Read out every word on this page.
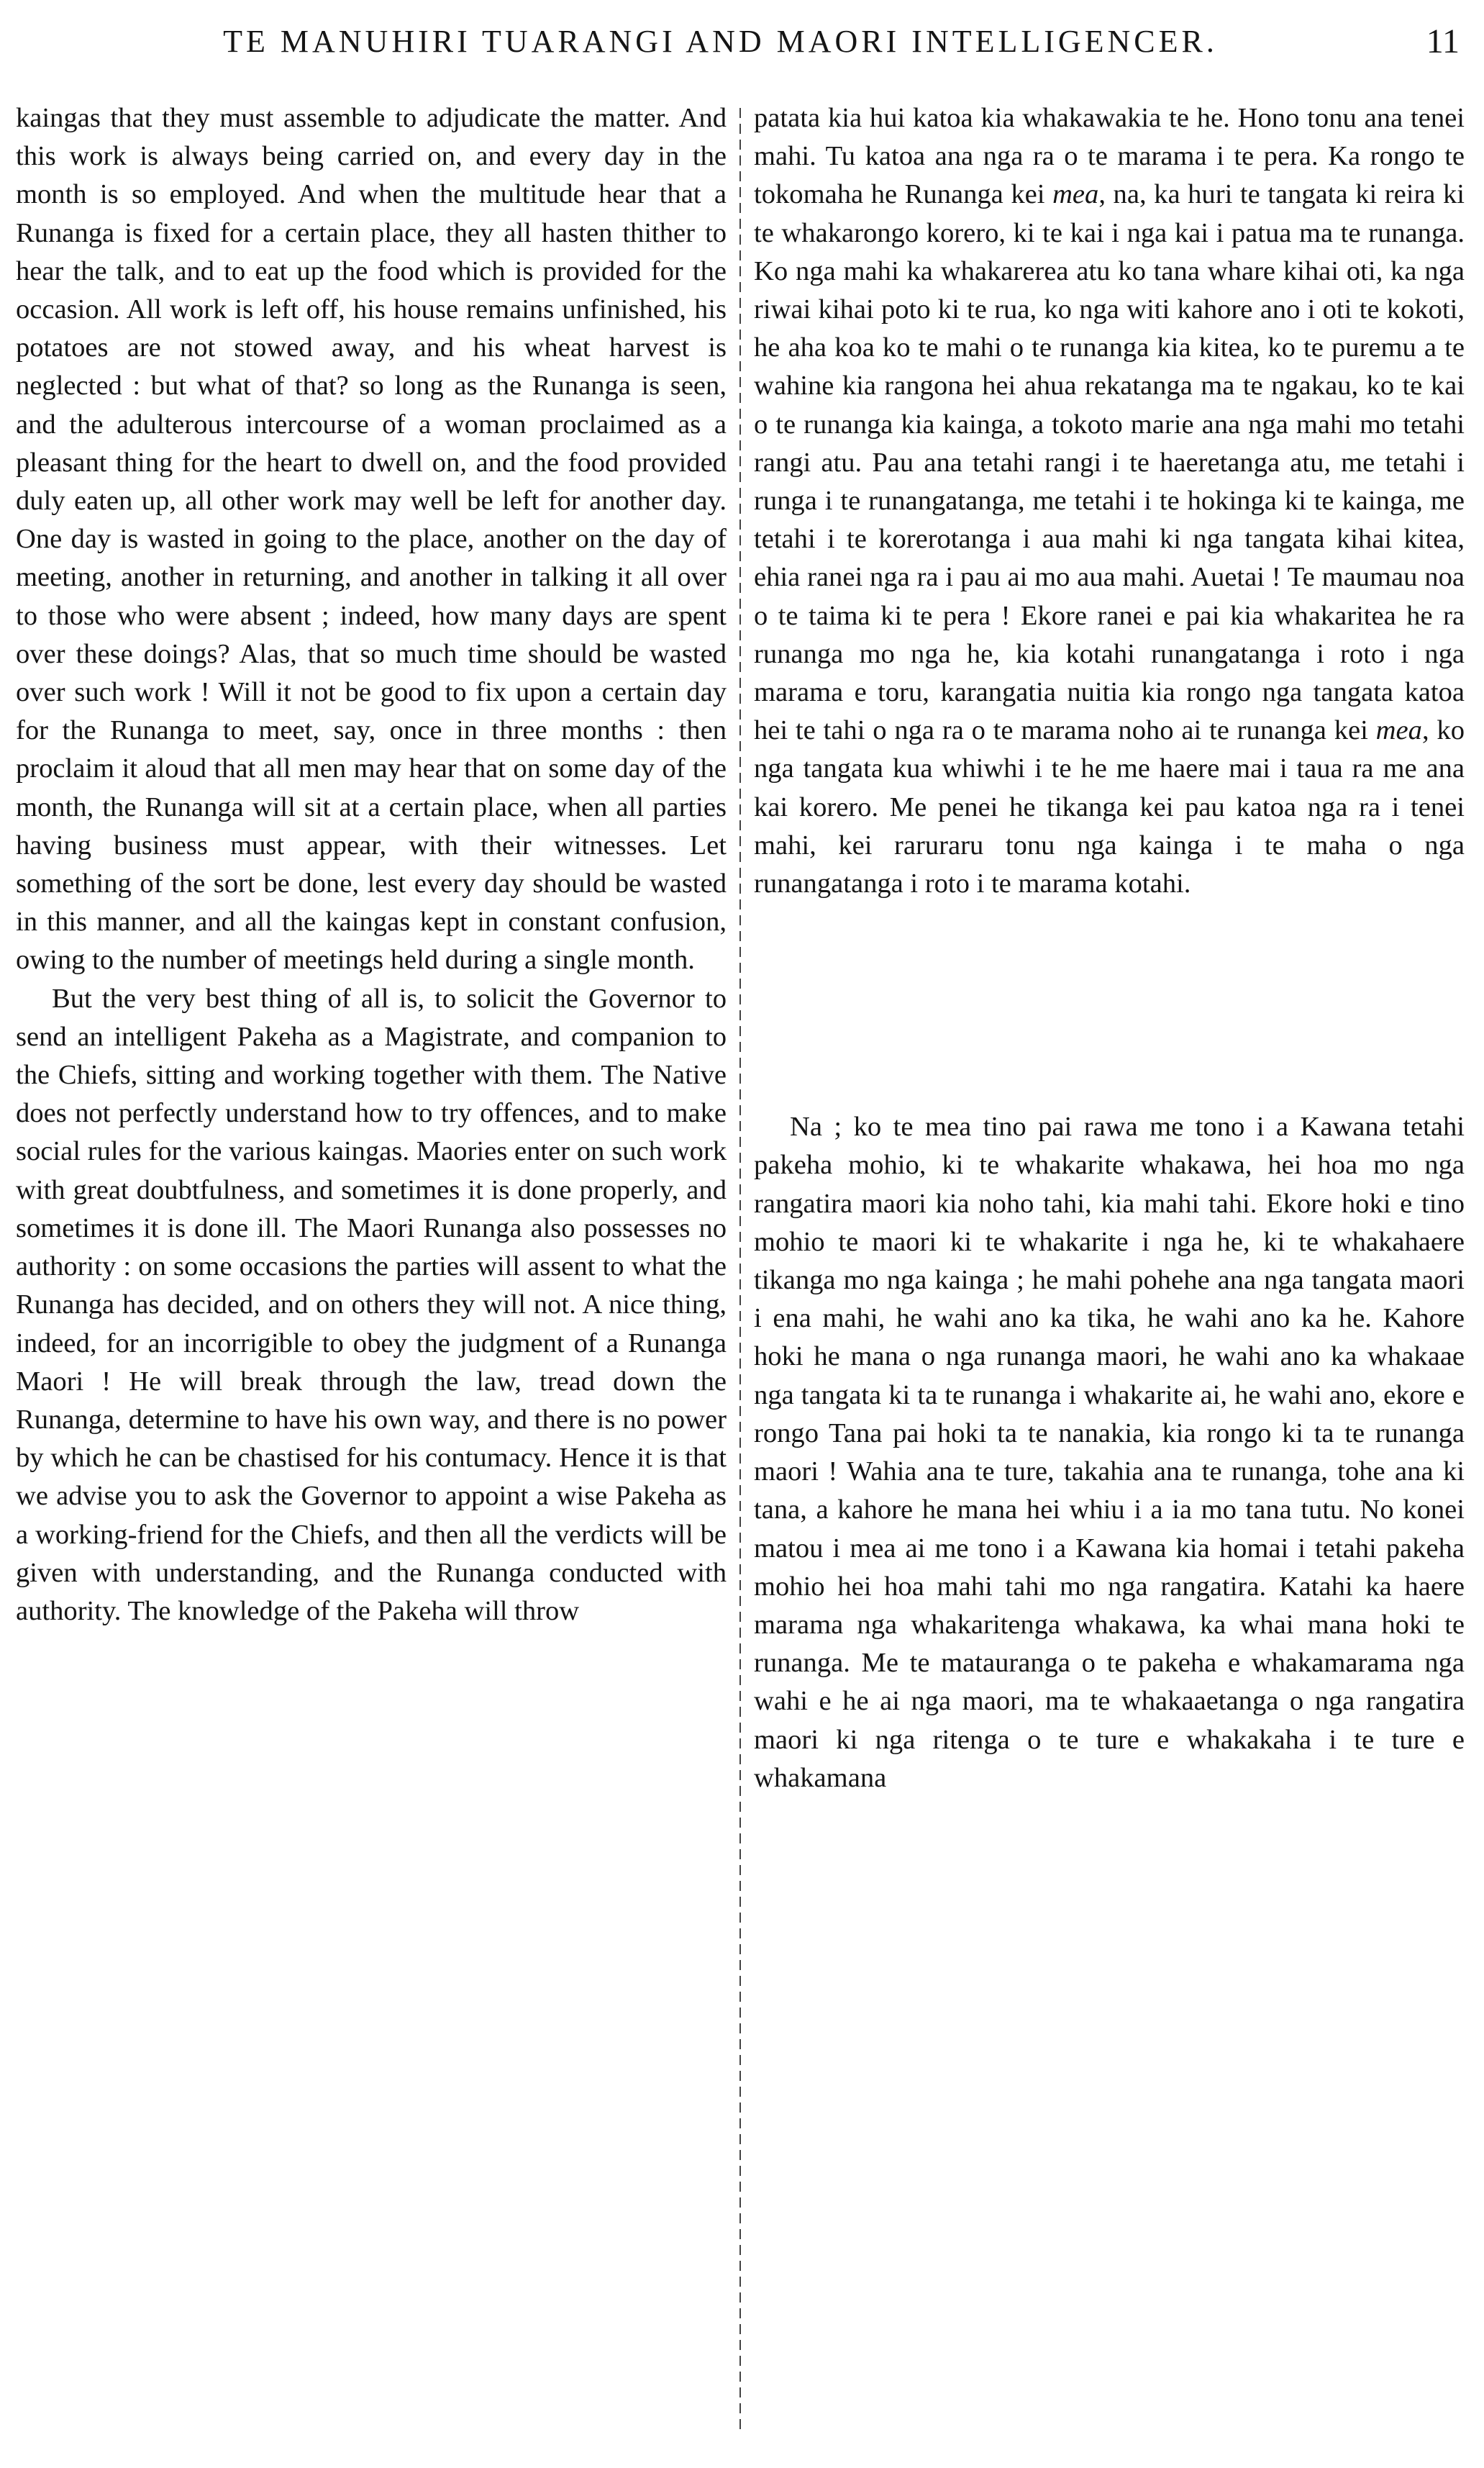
TE MANUHIRI TUARANGI AND MAORI INTELLIGENCER.	11

kaingas that they must assemble to adjudicate the matter. And this work is always being carried on, and every day in the month is so employed. And when the multitude hear that a Runanga is fixed for a certain place, they all hasten thither to hear the talk, and to eat up the food which is provided for the occasion. All work is left off, his house remains unfinished, his potatoes are not stowed away, and his wheat harvest is neglected : but what of that? so long as the Runanga is seen, and the adulterous intercourse of a woman proclaimed as a pleasant thing for the heart to dwell on, and the food provided duly eaten up, all other work may well be left for another day. One day is wasted in going to the place, another on the day of meeting, another in returning, and another in talking it all over to those who were absent ; indeed, how many days are spent over these doings? Alas, that so much time should be wasted over such work ! Will it not be good to fix upon a certain day for the Runanga to meet, say, once in three months : then proclaim it aloud that all men may hear that on some day of the month, the Runanga will sit at a certain place, when all parties having business must appear, with their witnesses. Let something of the sort be done, lest every day should be wasted in this manner, and all the kaingas kept in constant confusion, owing to the number of meetings held during a single month.

But the very best thing of all is, to solicit the Governor to send an intelligent Pakeha as a Magistrate, and companion to the Chiefs, sitting and working together with them. The Native does not perfectly understand how to try offences, and to make social rules for the various kaingas. Maories enter on such work with great doubtfulness, and sometimes it is done properly, and sometimes it is done ill. The Maori Runanga also possesses no authority : on some occasions the parties will assent to what the Runanga has decided, and on others they will not. A nice thing, indeed, for an incorrigible to obey the judgment of a Runanga Maori ! He will break through the law, tread down the Runanga, determine to have his own way, and there is no power by which he can be chastised for his contumacy. Hence it is that we advise you to ask the Governor to appoint a wise Pakeha as a working-friend for the Chiefs, and then all the verdicts will be given with understanding, and the Runanga conducted with authority. The knowledge of the Pakeha will throw

patata kia hui katoa kia whakawakia te he. Hono tonu ana tenei mahi. Tu katoa ana nga ra o te marama i te pera. Ka rongo te tokomaha he Runanga kei mea, na, ka huri te tangata ki reira ki te whakarongo korero, ki te kai i nga kai i patua ma te runanga. Ko nga mahi ka whakarerea atu ko tana whare kihai oti, ka nga riwai kihai poto ki te rua, ko nga witi kahore ano i oti te kokoti, he aha koa ko te mahi o te runanga kia kitea, ko te puremu a te wahine kia rangona hei ahua rekatanga ma te ngakau, ko te kai o te runanga kia kainga, a tokoto marie ana nga mahi mo tetahi rangi atu. Pau ana tetahi rangi i te haeretanga atu, me tetahi i runga i te runangatanga, me tetahi i te hokinga ki te kainga, me tetahi i te korerotanga i aua mahi ki nga tangata kihai kitea, ehia ranei nga ra i pau ai mo aua mahi. Auetai ! Te maumau noa o te taima ki te pera ! Ekore ranei e pai kia whakaritea he ra runanga mo nga he, kia kotahi runangatanga i roto i nga marama e toru, karangatia nuitia kia rongo nga tangata katoa hei te tahi o nga ra o te marama noho ai te runanga kei mea, ko nga tangata kua whiwhi i te he me haere mai i taua ra me ana kai korero. Me penei he tikanga kei pau katoa nga ra i tenei mahi, kei raruraru tonu nga kainga i te maha o nga runangatanga i roto i te marama kotahi.

Na ; ko te mea tino pai rawa me tono i a Kawana tetahi pakeha mohio, ki te whakarite whakawa, hei hoa mo nga rangatira maori kia noho tahi, kia mahi tahi. Ekore hoki e tino mohio te maori ki te whakarite i nga he, ki te whakahaere tikanga mo nga kainga ; he mahi pohehe ana nga tangata maori i ena mahi, he wahi ano ka tika, he wahi ano ka he. Kahore hoki he mana o nga runanga maori, he wahi ano ka whakaae nga tangata ki ta te runanga i whakarite ai, he wahi ano, ekore e rongo Tana pai hoki ta te nanakia, kia rongo ki ta te runanga maori ! Wahia ana te ture, takahia ana te runanga, tohe ana ki tana, a kahore he mana hei whiu i a ia mo tana tutu. No konei matou i mea ai me tono i a Kawana kia homai i tetahi pakeha mohio hei hoa mahi tahi mo nga rangatira. Katahi ka haere marama nga whakaritenga whakawa, ka whai mana hoki te runanga. Me te matauranga o te pakeha e whakamarama nga wahi e he ai nga maori, ma te whakaaetanga o nga rangatira maori ki nga ritenga o te ture e whakakaha i te ture e whakamana
